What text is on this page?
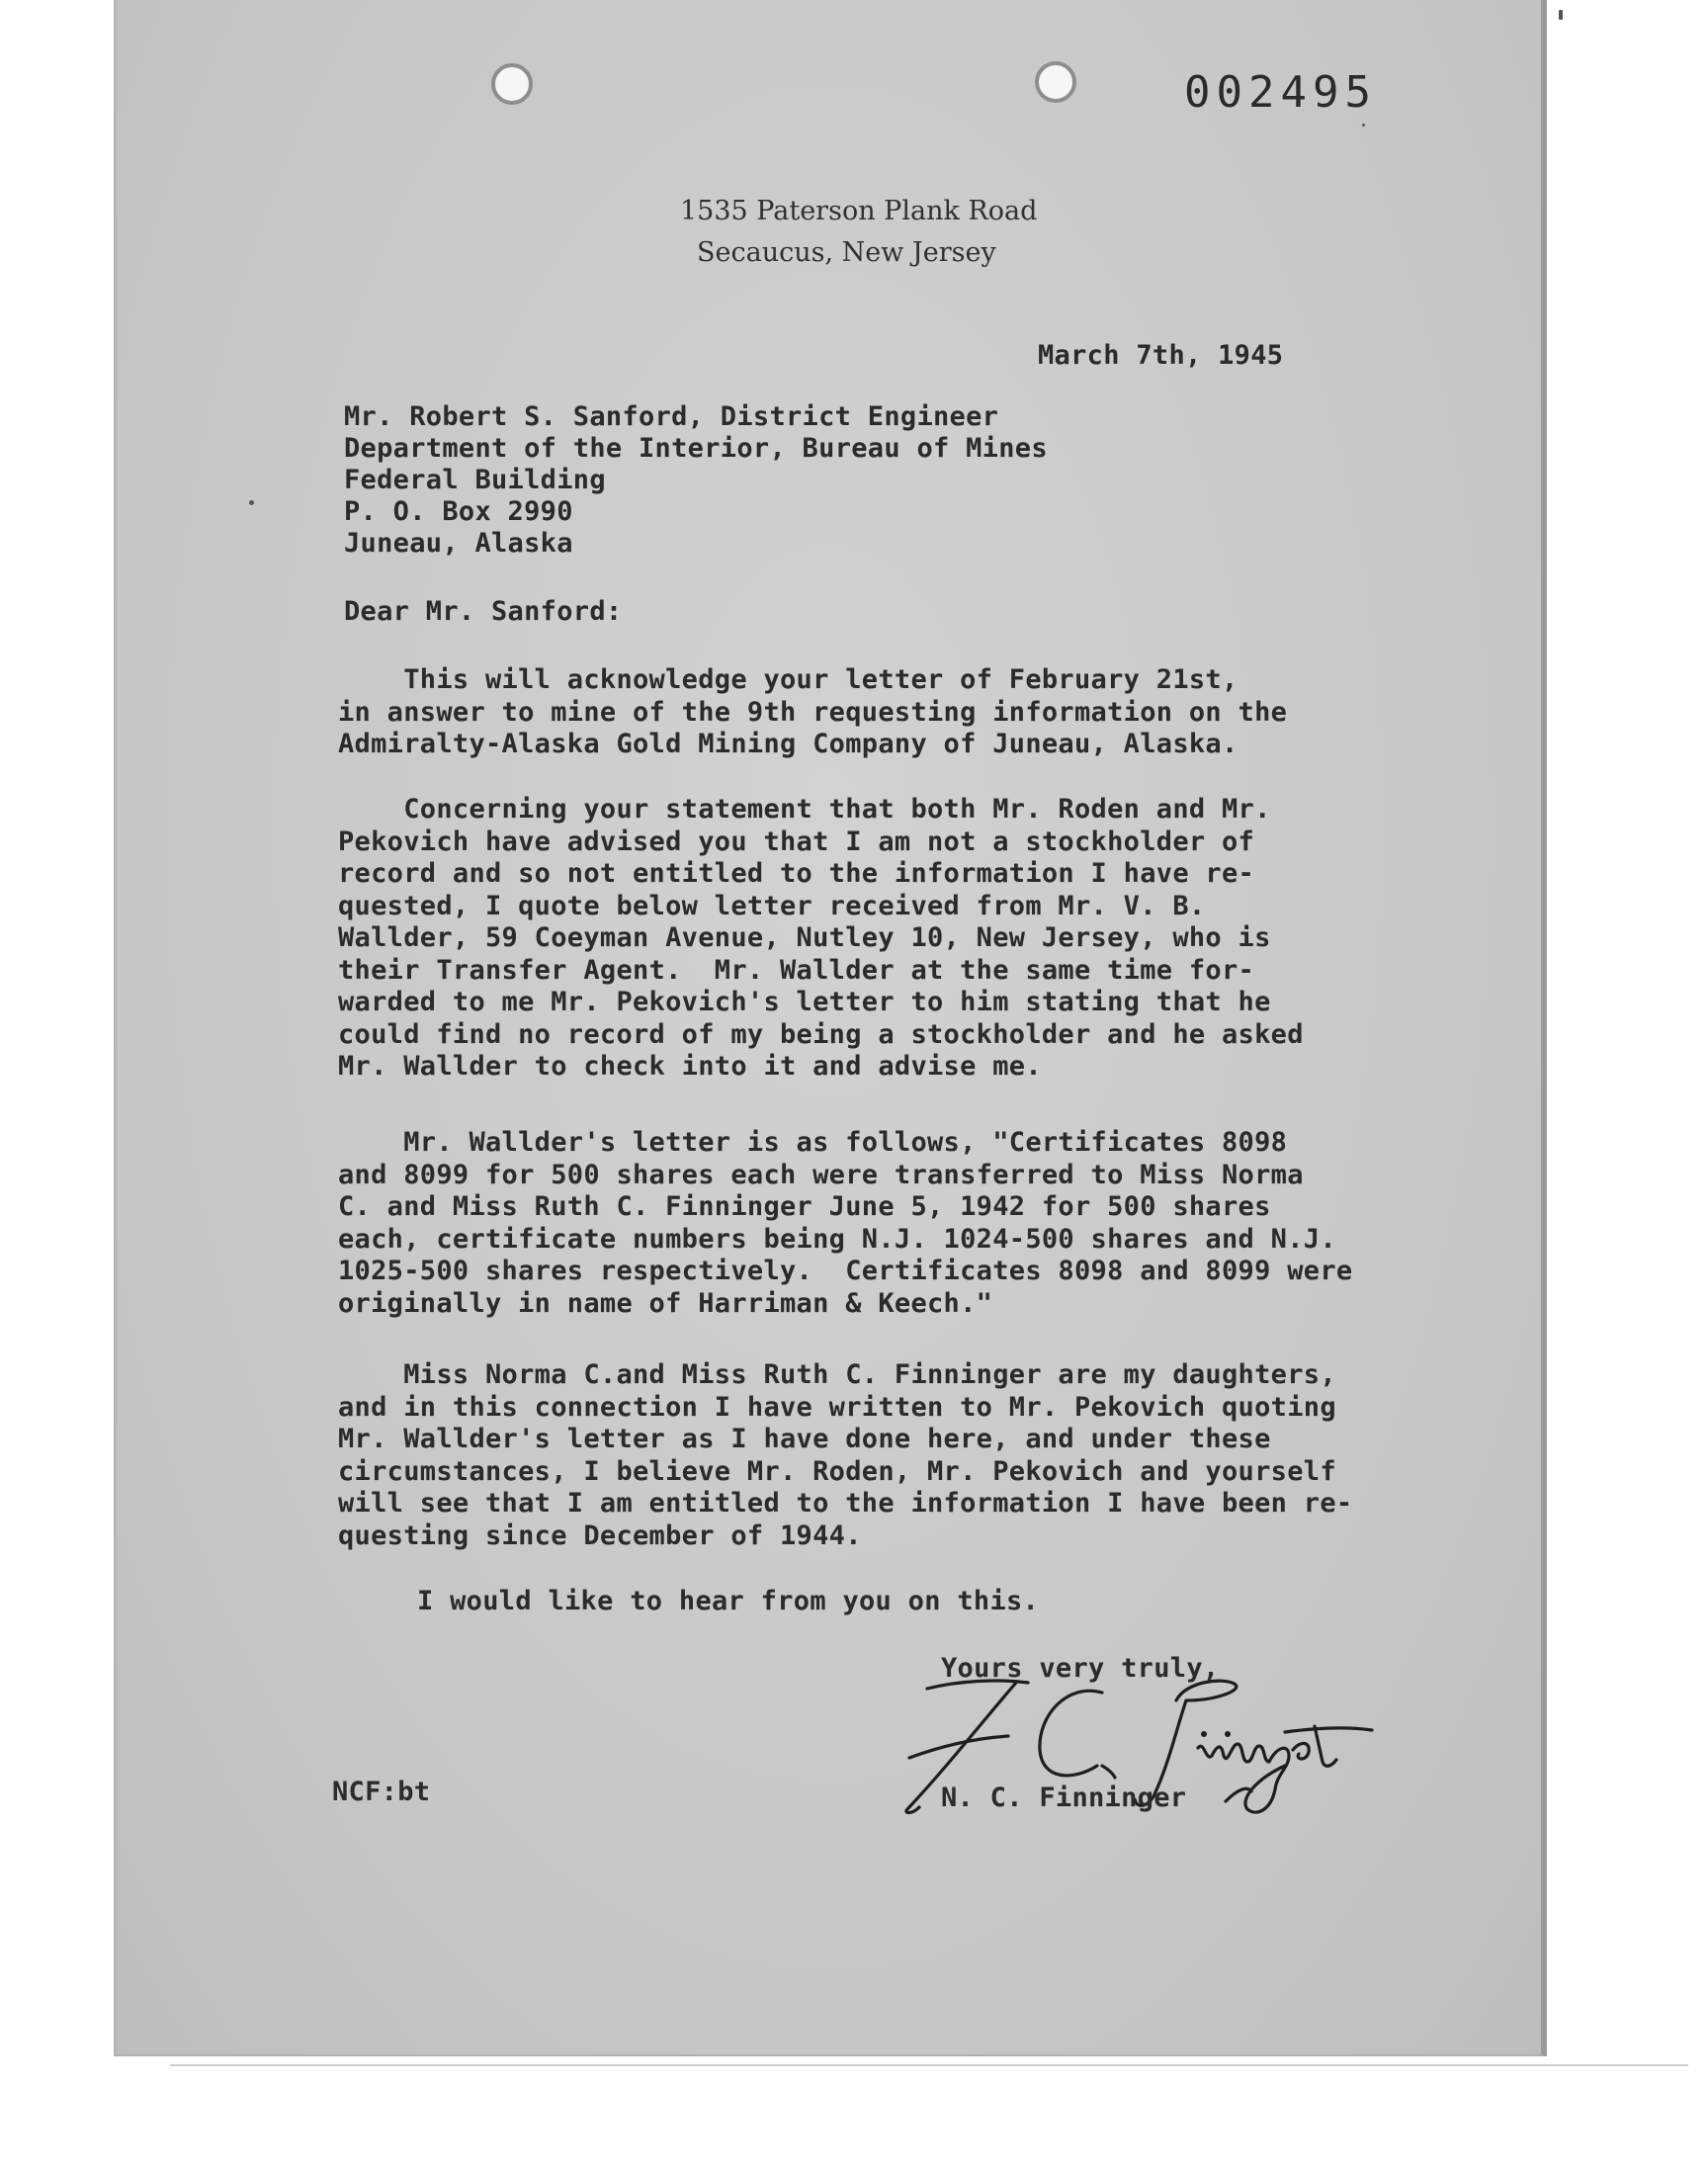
002495
1535 Paterson Plank Road
Secaucus, New Jersey
March 7th, 1945
Mr. Robert S. Sanford, District Engineer
Department of the Interior, Bureau of Mines
Federal Building
P. O. Box 2990
Juneau, Alaska
Dear Mr. Sanford:
This will acknowledge your letter of February 21st,
in answer to mine of the 9th requesting information on the
Admiralty-Alaska Gold Mining Company of Juneau, Alaska.
Concerning your statement that both Mr. Roden and Mr.
Pekovich have advised you that I am not a stockholder of
record and so not entitled to the information I have re-
quested, I quote below letter received from Mr. V. B.
Wallder, 59 Coeyman Avenue, Nutley 10, New Jersey, who is
their Transfer Agent.  Mr. Wallder at the same time for-
warded to me Mr. Pekovich's letter to him stating that he
could find no record of my being a stockholder and he asked
Mr. Wallder to check into it and advise me.
Mr. Wallder's letter is as follows, "Certificates 8098
and 8099 for 500 shares each were transferred to Miss Norma
C. and Miss Ruth C. Finninger June 5, 1942 for 500 shares
each, certificate numbers being N.J. 1024-500 shares and N.J.
1025-500 shares respectively.  Certificates 8098 and 8099 were
originally in name of Harriman & Keech."
Miss Norma C.and Miss Ruth C. Finninger are my daughters,
and in this connection I have written to Mr. Pekovich quoting
Mr. Wallder's letter as I have done here, and under these
circumstances, I believe Mr. Roden, Mr. Pekovich and yourself
will see that I am entitled to the information I have been re-
questing since December of 1944.
I would like to hear from you on this.
Yours very truly,
N. C. Finninger
NCF:bt
